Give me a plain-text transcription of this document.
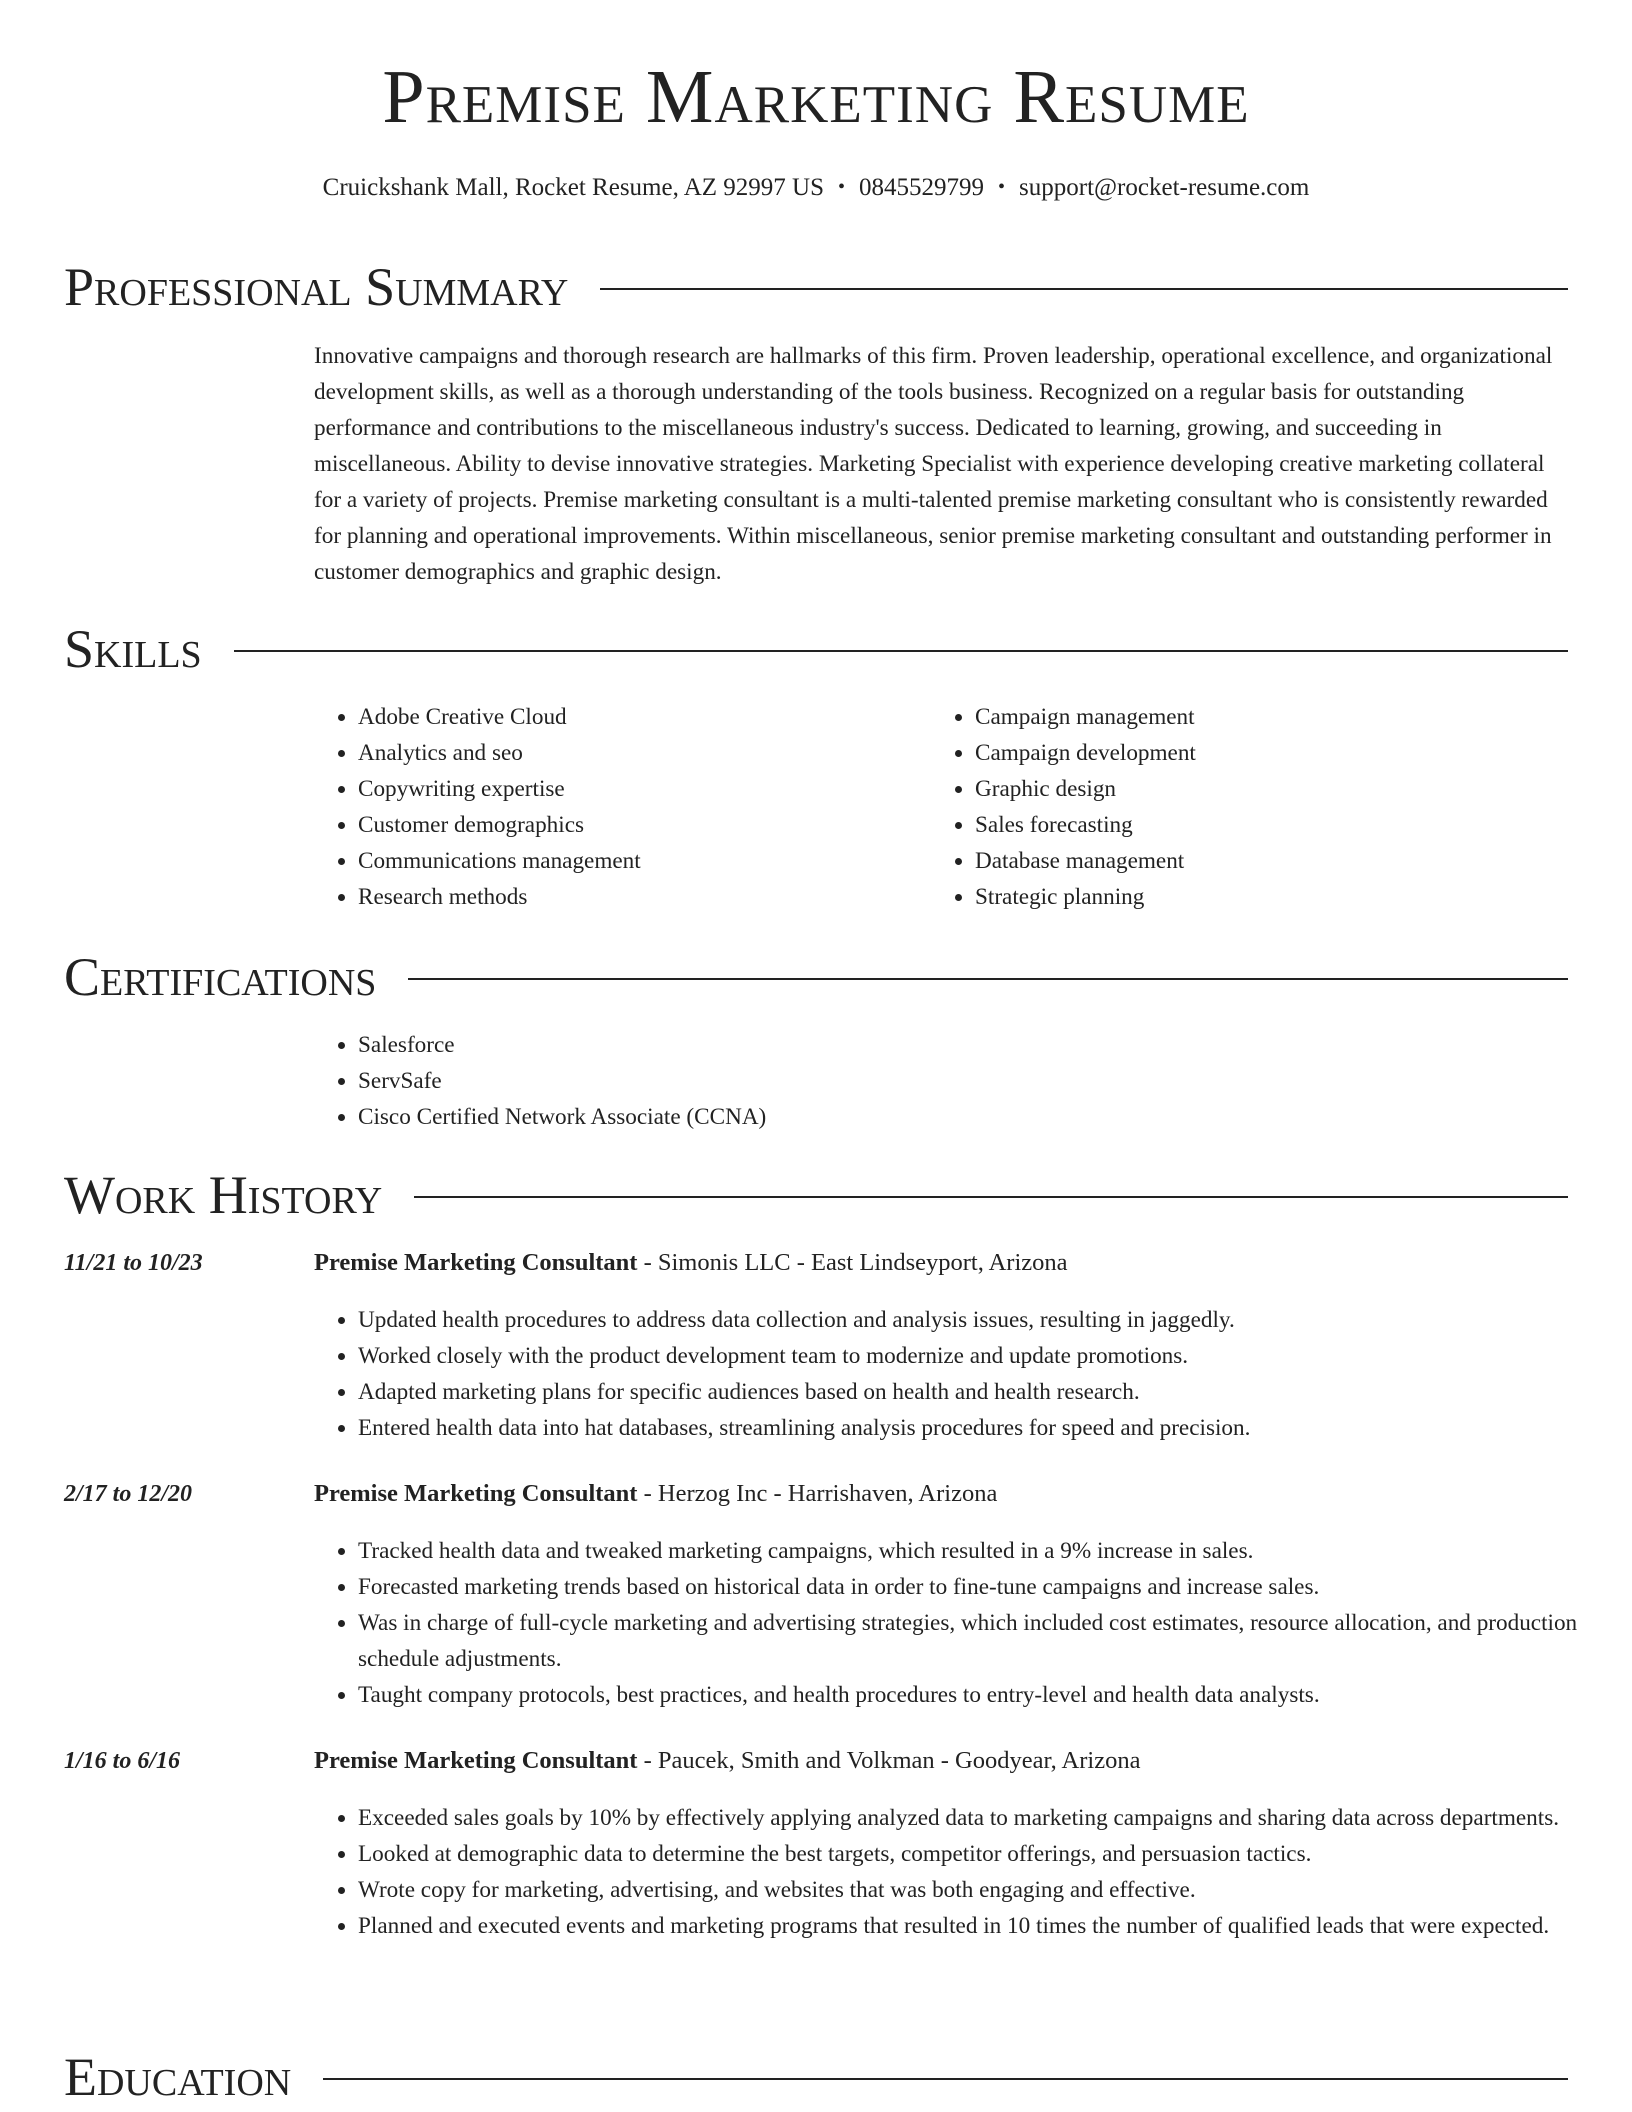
Premise Marketing Resume
Cruickshank Mall, Rocket Resume, AZ 92997 US • 0845529799 • support@rocket-resume.com
Professional Summary

Innovative campaigns and thorough research are hallmarks of this firm. Proven leadership, operational excellence, and organizational development skills, as well as a thorough understanding of the tools business. Recognized on a regular basis for outstanding performance and contributions to the miscellaneous industry's success. Dedicated to learning, growing, and succeeding in miscellaneous. Ability to devise innovative strategies. Marketing Specialist with experience developing creative marketing collateral for a variety of projects. Premise marketing consultant is a multi-talented premise marketing consultant who is consistently rewarded for planning and operational improvements. Within miscellaneous, senior premise marketing consultant and outstanding performer in customer demographics and graphic design.

Skills
• Adobe Creative Cloud
• Analytics and seo
• Copywriting expertise
• Customer demographics
• Communications management
• Research methods
• Campaign management
• Campaign development
• Graphic design
• Sales forecasting
• Database management
• Strategic planning
Certifications
• Salesforce
• ServSafe
• Cisco Certified Network Associate (CCNA)
Work History
11/21 to 10/23	Premise Marketing Consultant - Simonis LLC - East Lindseyport, Arizona
• Updated health procedures to address data collection and analysis issues, resulting in jaggedly.
• Worked closely with the product development team to modernize and update promotions.
• Adapted marketing plans for specific audiences based on health and health research.
• Entered health data into hat databases, streamlining analysis procedures for speed and precision.
2/17 to 12/20	Premise Marketing Consultant - Herzog Inc - Harrishaven, Arizona
• Tracked health data and tweaked marketing campaigns, which resulted in a 9% increase in sales.
• Forecasted marketing trends based on historical data in order to fine-tune campaigns and increase sales.
• Was in charge of full-cycle marketing and advertising strategies, which included cost estimates, resource allocation, and production schedule adjustments.
• Taught company protocols, best practices, and health procedures to entry-level and health data analysts.
1/16 to 6/16	Premise Marketing Consultant - Paucek, Smith and Volkman - Goodyear, Arizona
• Exceeded sales goals by 10% by effectively applying analyzed data to marketing campaigns and sharing data across departments.
• Looked at demographic data to determine the best targets, competitor offerings, and persuasion tactics.
• Wrote copy for marketing, advertising, and websites that was both engaging and effective.
• Planned and executed events and marketing programs that resulted in 10 times the number of qualified leads that were expected.
Education
